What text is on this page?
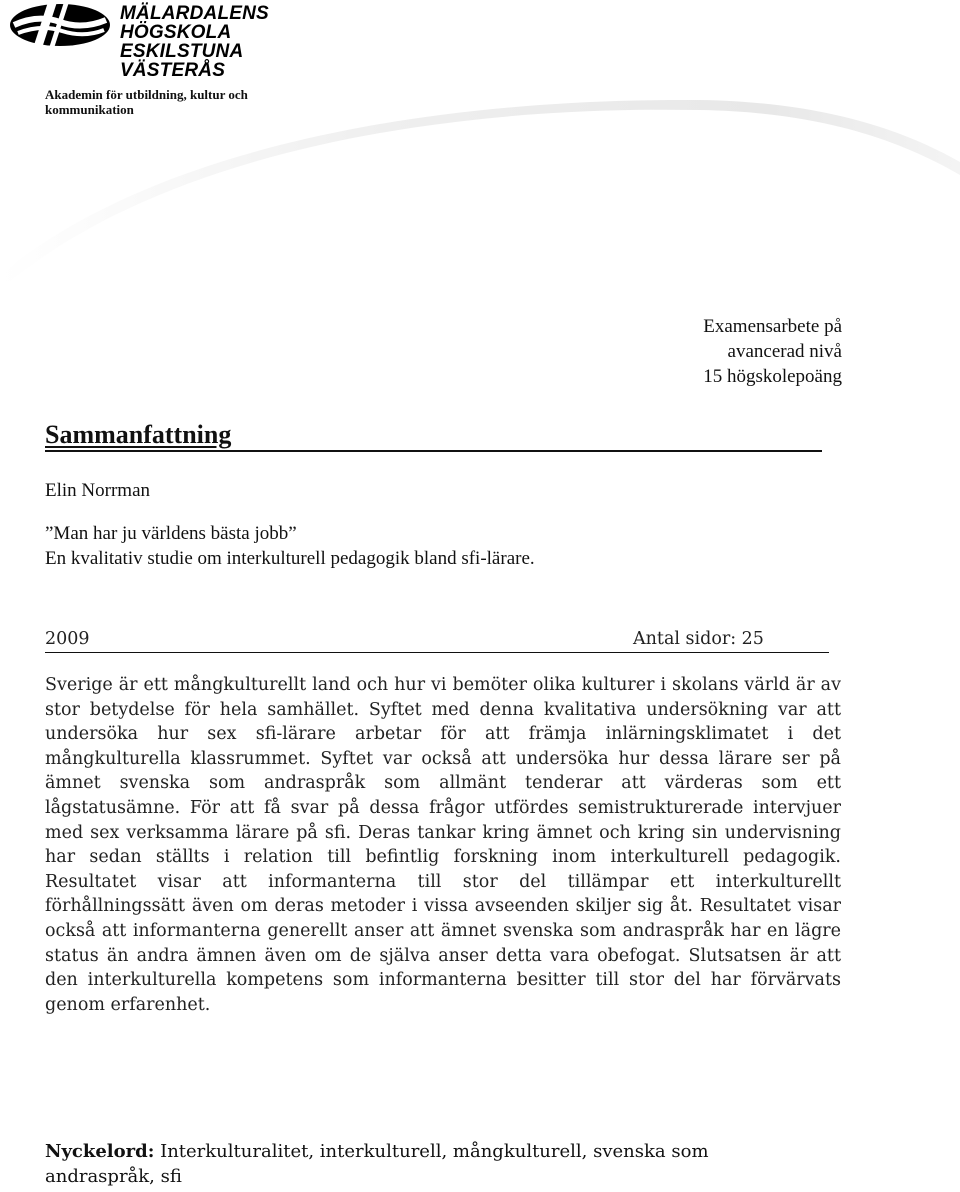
MÄLARDALENS HÖGSKOLA
ESKILSTUNA VÄSTERÅS
Akademin för utbildning, kultur och kommunikation
Examensarbete på
avancerad nivå
15 högskolepoäng
Sammanfattning
Elin Norrman
”Man har ju världens bästa jobb”
En kvalitativ studie om interkulturell pedagogik bland sfi-lärare.
2009	Antal sidor: 25

Sverige är ett mångkulturellt land och hur vi bemöter olika kulturer i skolans värld är av stor betydelse för hela samhället. Syftet med denna kvalitativa undersökning var att undersöka hur sex sfi-lärare arbetar för att främja inlärningsklimatet i det mångkulturella klassrummet. Syftet var också att undersöka hur dessa lärare ser på ämnet svenska som andraspråk som allmänt tenderar att värderas som ett lågstatusämne. För att få svar på dessa frågor utfördes semistrukturerade intervjuer med sex verksamma lärare på sfi. Deras tankar kring ämnet och kring sin undervisning har sedan ställts i relation till befintlig forskning inom interkulturell pedagogik. Resultatet visar att informanterna till stor del tillämpar ett interkulturellt förhållningssätt även om deras metoder i vissa avseenden skiljer sig åt. Resultatet visar också att informanterna generellt anser att ämnet svenska som andraspråk har en lägre status än andra ämnen även om de själva anser detta vara obefogat. Slutsatsen är att den interkulturella kompetens som informanterna besitter till stor del har förvärvats genom erfarenhet.

Nyckelord: Interkulturalitet, interkulturell, mångkulturell, svenska som andraspråk, sfi
